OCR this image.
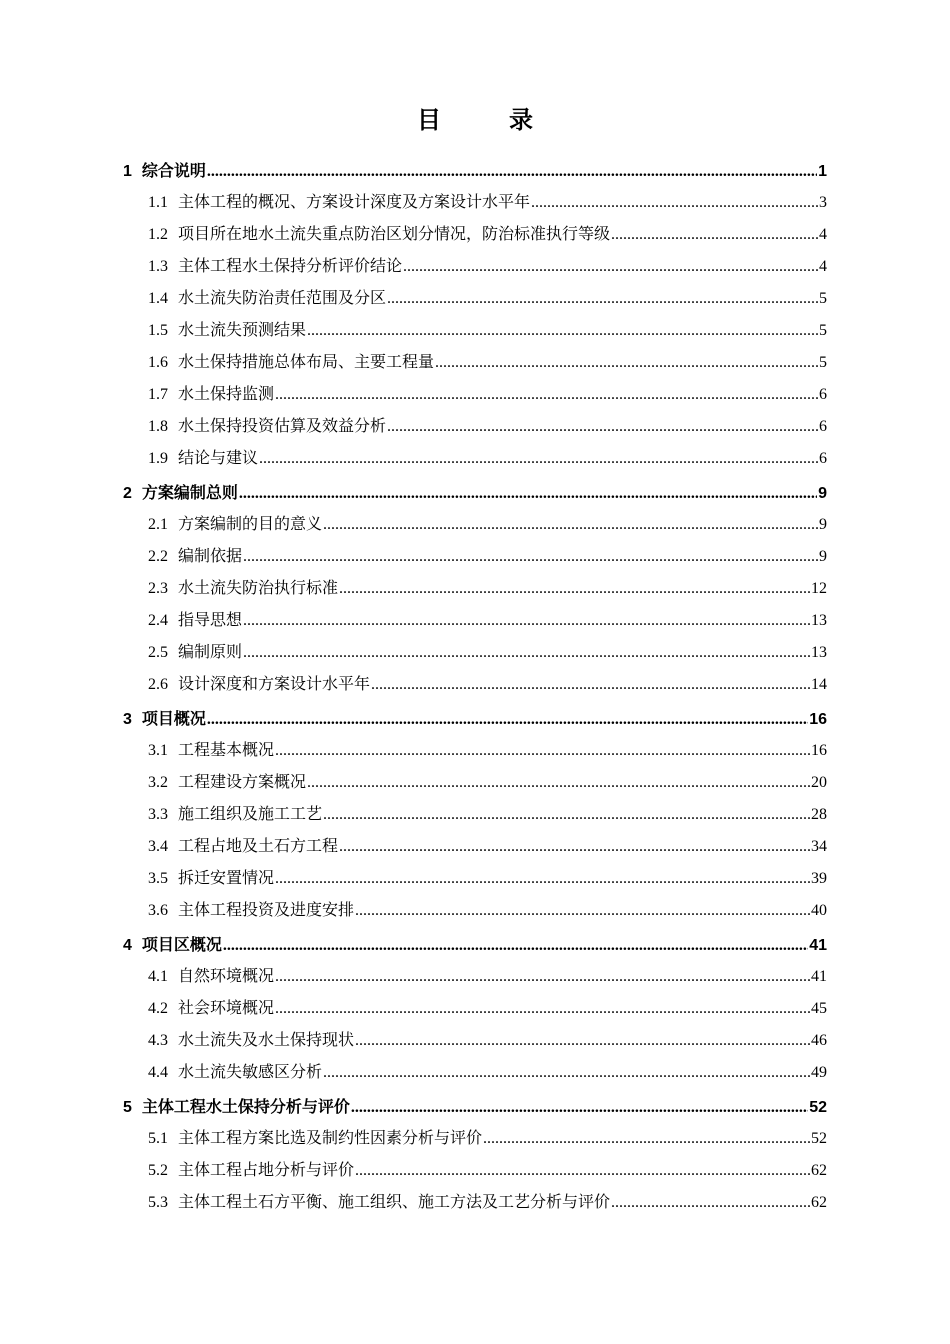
目　录
1 综合说明 .....	1
1.1 主体工程的概况、方案设计深度及方案设计水平年 .....	3
1.2 项目所在地水土流失重点防治区划分情况，防治标准执行等级 .....	4
1.3 主体工程水土保持分析评价结论 .....	4
1.4 水土流失防治责任范围及分区 .....	5
1.5 水土流失预测结果 .....	5
1.6 水土保持措施总体布局、主要工程量 .....	5
1.7 水土保持监测 .....	6
1.8 水土保持投资估算及效益分析 .....	6
1.9 结论与建议 .....	6
2 方案编制总则 .....	9
2.1 方案编制的目的意义 .....	9
2.2 编制依据 .....	9
2.3 水土流失防治执行标准 .....	12
2.4 指导思想 .....	13
2.5 编制原则 .....	13
2.6 设计深度和方案设计水平年 .....	14
3 项目概况 .....	16
3.1 工程基本概况 .....	16
3.2 工程建设方案概况 .....	20
3.3 施工组织及施工工艺 .....	28
3.4 工程占地及土石方工程 .....	34
3.5 拆迁安置情况 .....	39
3.6 主体工程投资及进度安排 .....	40
4 项目区概况 .....	41
4.1 自然环境概况 .....	41
4.2 社会环境概况 .....	45
4.3 水土流失及水土保持现状 .....	46
4.4 水土流失敏感区分析 .....	49
5 主体工程水土保持分析与评价 .....	52
5.1 主体工程方案比选及制约性因素分析与评价 .....	52
5.2 主体工程占地分析与评价 .....	62
5.3 主体工程土石方平衡、施工组织、施工方法及工艺分析与评价 .....	62
